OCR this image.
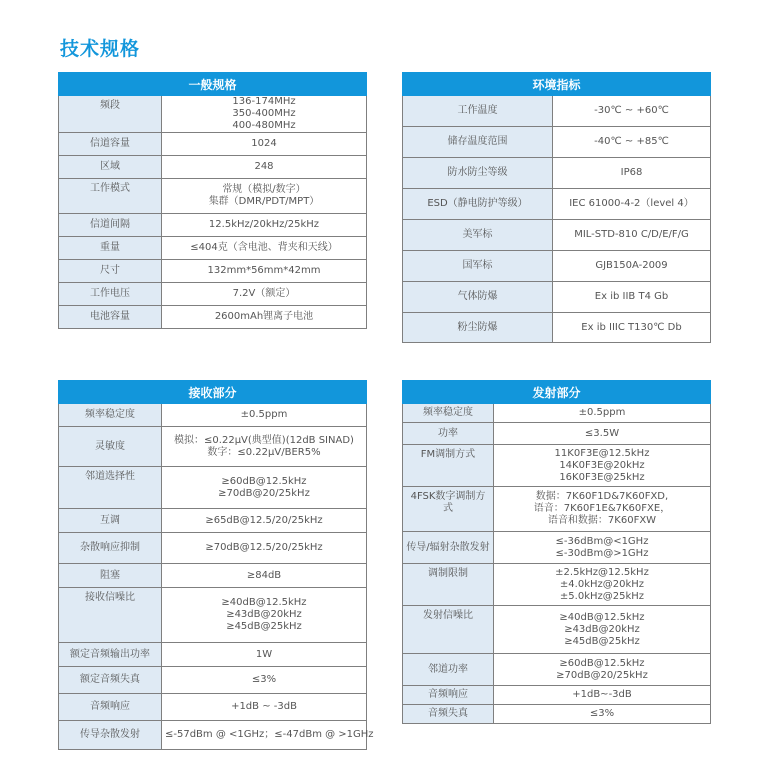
技术规格
一般规格	
频段	136-174MHz
350-400MHz
400-480MHz

信道容量	1024

区域	248

工作模式	常规（模拟/数字）
集群（DMR/PDT/MPT）

信道间隔	12.5kHz/20kHz/25kHz

重量	≤404克（含电池、背夹和天线）

尺寸	132mm*56mm*42mm

工作电压	7.2V（额定）

电池容量	2600mAh锂离子电池
环境指标	
工作温度	-30℃ ~ +60℃

储存温度范围	-40℃ ~ +85℃

防水防尘等级	IP68

ESD（静电防护等级）	IEC 61000-4-2（level 4）

美军标	MIL-STD-810 C/D/E/F/G

国军标	GJB150A-2009

气体防爆	Ex ib IIB T4 Gb

粉尘防爆	Ex ib IIIC T130℃ Db
接收部分	
频率稳定度	±0.5ppm

灵敏度	模拟：≤0.22μV(典型值)(12dB SINAD)
数字：≤0.22μV/BER5%

邻道选择性	≥60dB@12.5kHz
≥70dB@20/25kHz

互调	≥65dB@12.5/20/25kHz

杂散响应抑制	≥70dB@12.5/20/25kHz

阻塞	≥84dB

接收信噪比	≥40dB@12.5kHz
≥43dB@20kHz
≥45dB@25kHz

额定音频输出功率	1W

额定音频失真	≤3%

音频响应	+1dB ~ -3dB

传导杂散发射	≤-57dBm @ <1GHz；≤-47dBm @ >1GHz
发射部分	
频率稳定度	±0.5ppm

功率	≤3.5W

FM调制方式	11K0F3E@12.5kHz
14K0F3E@20kHz
16K0F3E@25kHz

4FSK数字调制方式	数据：7K60F1D&7K60FXD,
语音：7K60F1E&7K60FXE，
语音和数据：7K60FXW

传导/辐射杂散发射	≤-36dBm@<1GHz
≤-30dBm@>1GHz

调制限制	±2.5kHz@12.5kHz
±4.0kHz@20kHz
±5.0kHz@25kHz

发射信噪比	≥40dB@12.5kHz
≥43dB@20kHz
≥45dB@25kHz

邻道功率	≥60dB@12.5kHz
≥70dB@20/25kHz

音频响应	+1dB~-3dB

音频失真	≤3%
